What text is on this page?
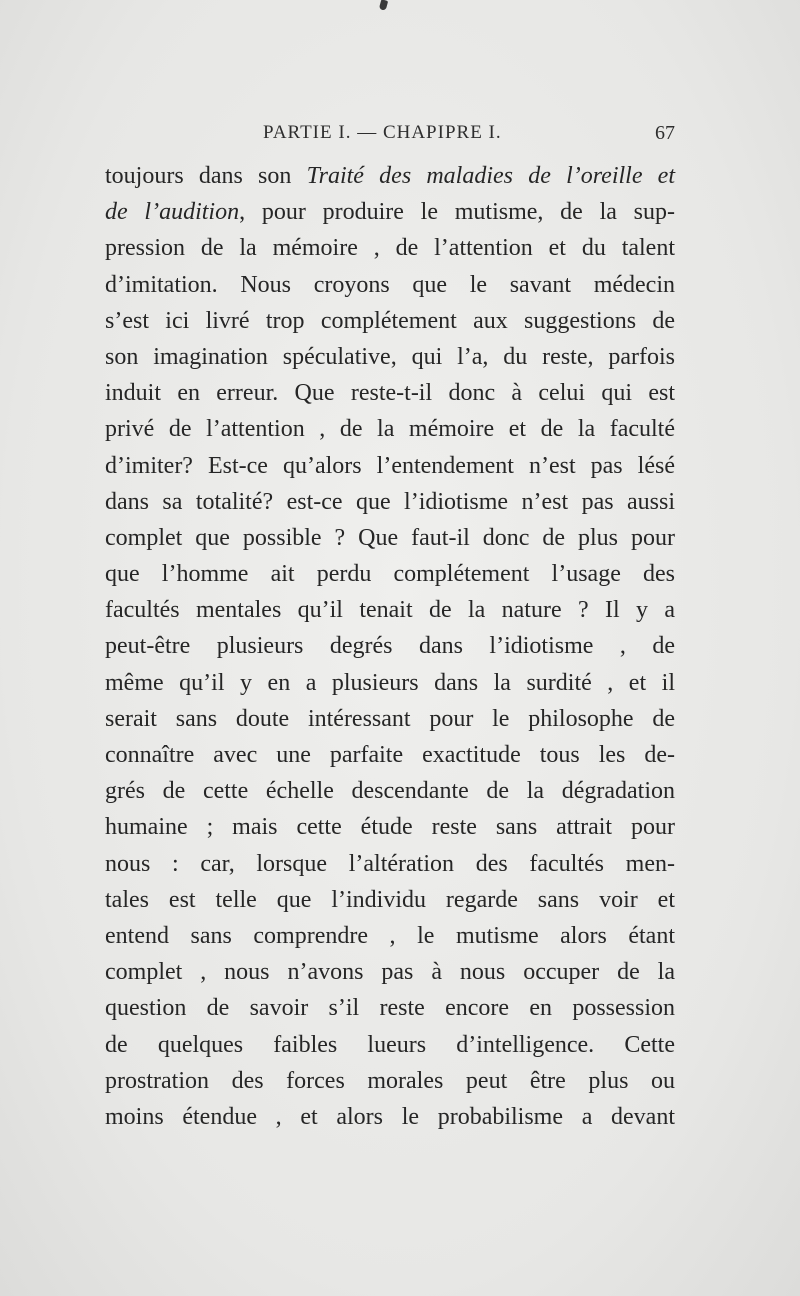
PARTIE I. — CHAPIPRE I.	67
toujours dans son Traité des maladies de l’oreille et
de l’audition, pour produire le mutisme, de la sup-
pression de la mémoire , de l’attention et du talent
d’imitation. Nous croyons que le savant médecin
s’est ici livré trop complétement aux suggestions de
son imagination spéculative, qui l’a, du reste, parfois
induit en erreur. Que reste-t-il donc à celui qui est
privé de l’attention , de la mémoire et de la faculté
d’imiter? Est-ce qu’alors l’entendement n’est pas lésé
dans sa totalité? est-ce que l’idiotisme n’est pas aussi
complet que possible ? Que faut-il donc de plus pour
que l’homme ait perdu complétement l’usage des
facultés mentales qu’il tenait de la nature ? Il y a
peut-être plusieurs degrés dans l’idiotisme , de
même qu’il y en a plusieurs dans la surdité , et il
serait sans doute intéressant pour le philosophe de
connaître avec une parfaite exactitude tous les de-
grés de cette échelle descendante de la dégradation
humaine ; mais cette étude reste sans attrait pour
nous : car, lorsque l’altération des facultés men-
tales est telle que l’individu regarde sans voir et
entend sans comprendre , le mutisme alors étant
complet , nous n’avons pas à nous occuper de la
question de savoir s’il reste encore en possession
de quelques faibles lueurs d’intelligence. Cette
prostration des forces morales peut être plus ou
moins étendue , et alors le probabilisme a devant
